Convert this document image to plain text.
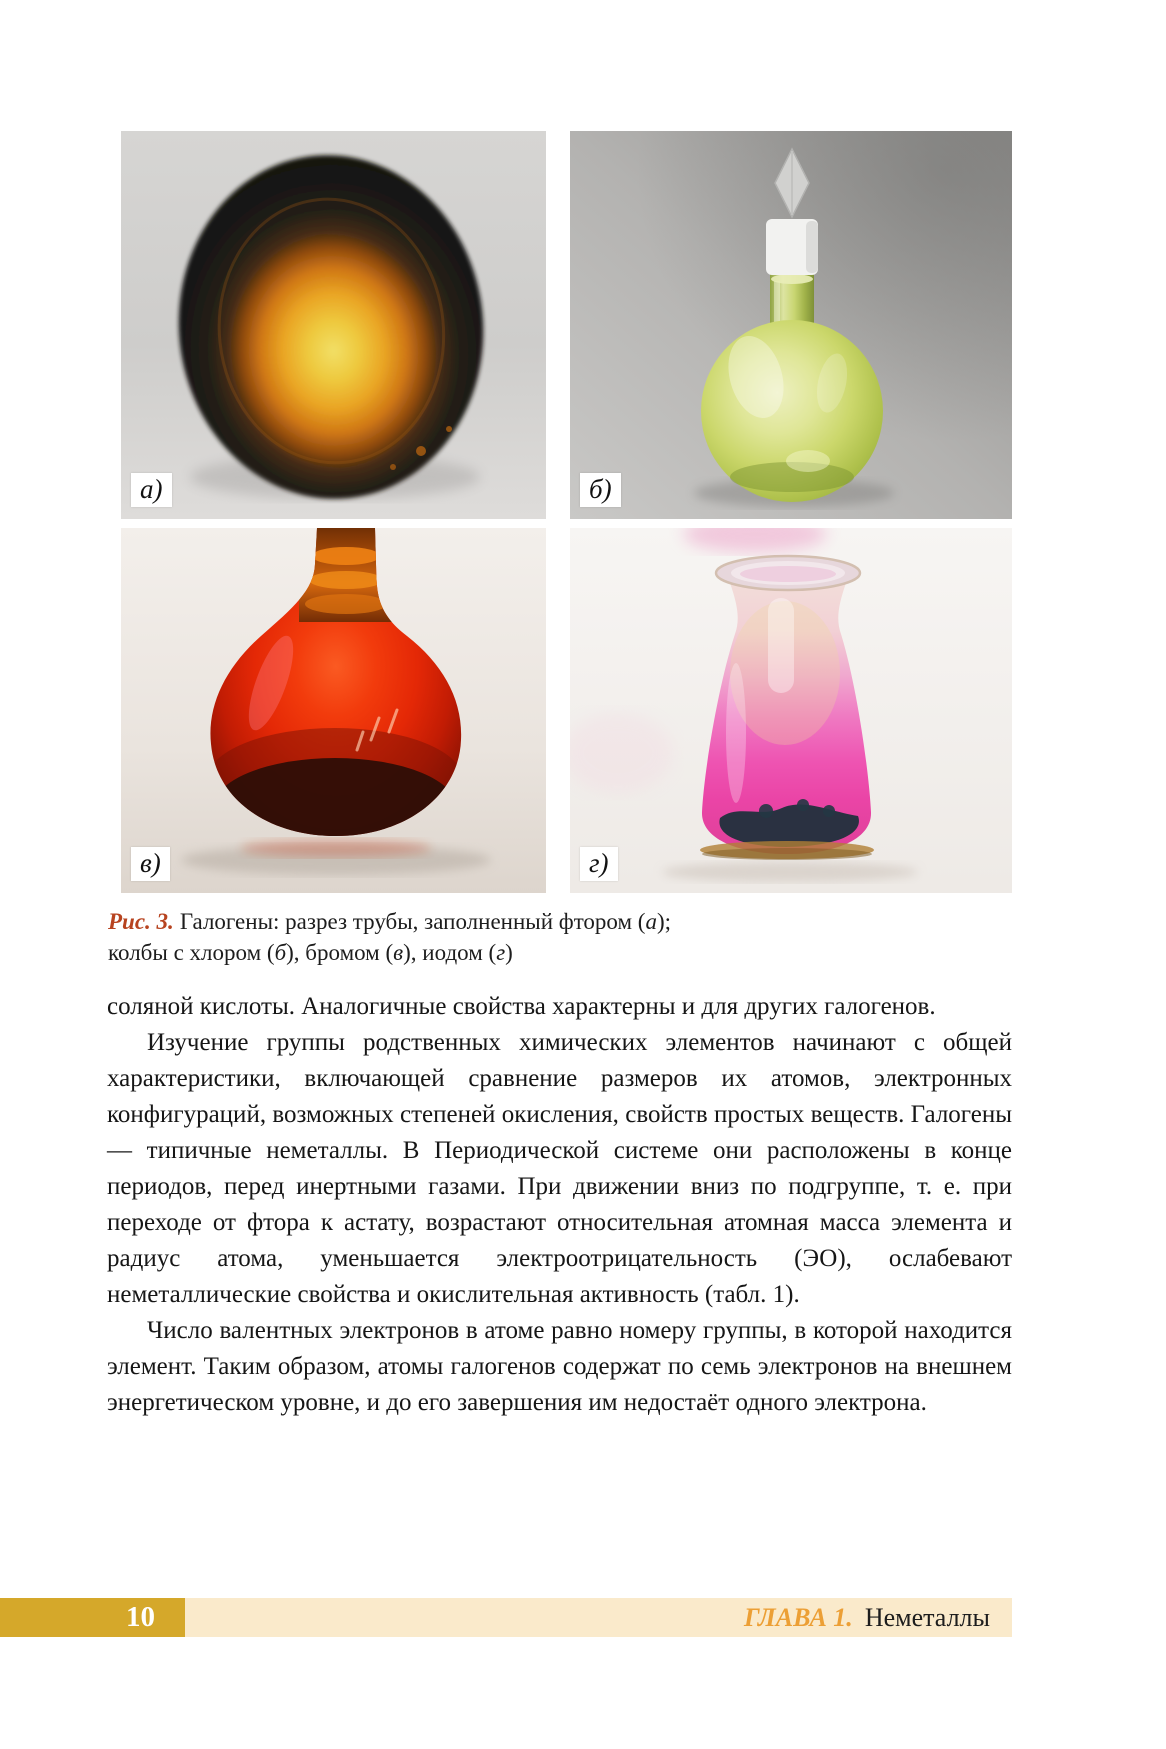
а)	б)
в)	г)
Рис. 3. Галогены: разрез трубы, заполненный фтором (а);
колбы с хлором (б), бромом (в), иодом (г)

соляной кислоты. Аналогичные свойства характерны и для других галогенов.

Изучение группы родственных химических элементов начинают с общей характеристики, включающей сравнение размеров их атомов, электронных конфигураций, возможных степеней окисления, свойств простых веществ. Галогены — типичные неметаллы. В Периодической системе они расположены в конце периодов, перед инертными газами. При движении вниз по подгруппе, т. е. при переходе от фтора к астату, возрастают относительная атомная масса элемента и радиус атома, уменьшается электроотрицательность (ЭО), ослабевают неметаллические свойства и окислительная активность (табл. 1).

Число валентных электронов в атоме равно номеру группы, в которой находится элемент. Таким образом, атомы галогенов содержат по семь электронов на внешнем энергетическом уровне, и до его завершения им недостаёт одного электрона.

10	ГЛАВА 1. Неметаллы
